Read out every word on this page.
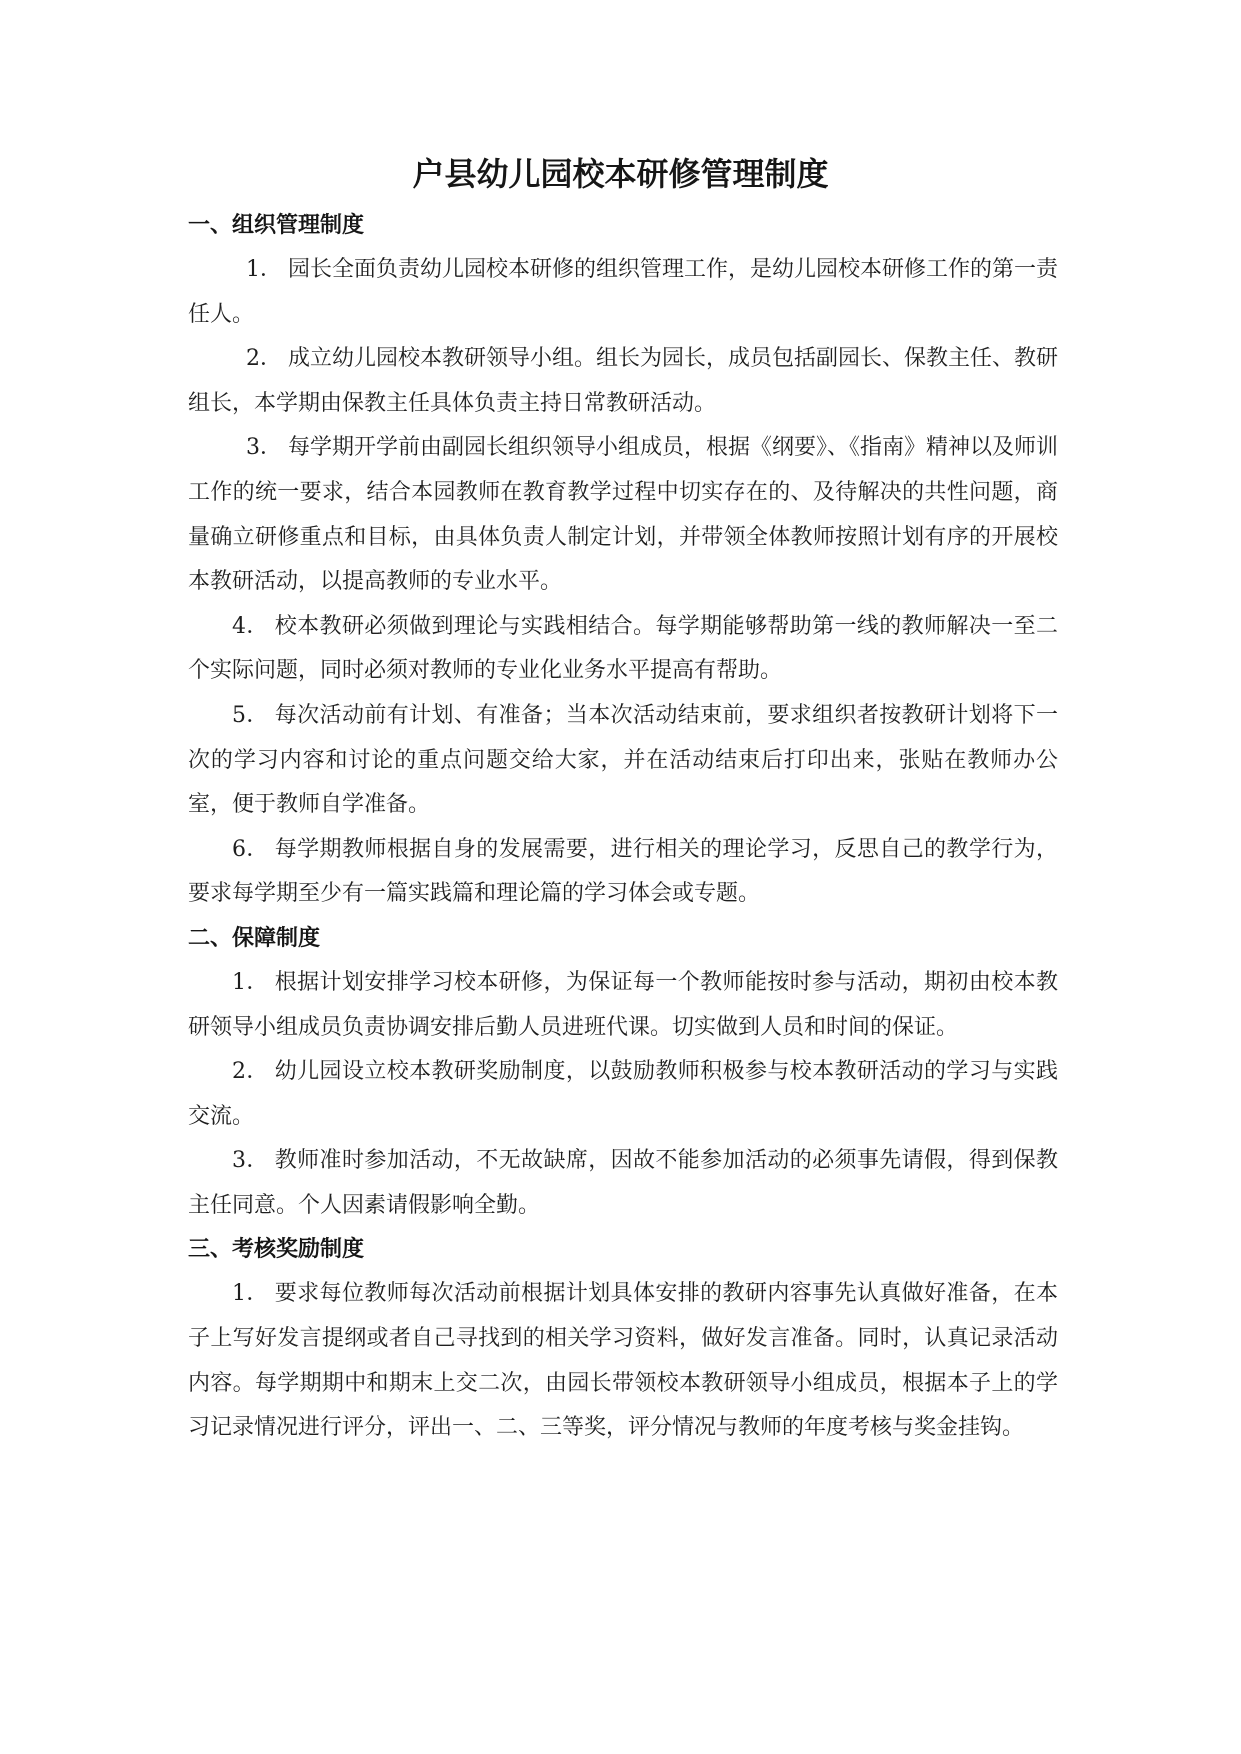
户县幼儿园校本研修管理制度
一、组织管理制度

1． 园长全面负责幼儿园校本研修的组织管理工作，是幼儿园校本研修工作的第一责任人。

2． 成立幼儿园校本教研领导小组。组长为园长，成员包括副园长、保教主任、教研组长，本学期由保教主任具体负责主持日常教研活动。

3． 每学期开学前由副园长组织领导小组成员，根据《纲要》、《指南》精神以及师训工作的统一要求，结合本园教师在教育教学过程中切实存在的、及待解决的共性问题，商量确立研修重点和目标，由具体负责人制定计划，并带领全体教师按照计划有序的开展校本教研活动，以提高教师的专业水平。

4． 校本教研必须做到理论与实践相结合。每学期能够帮助第一线的教师解决一至二个实际问题，同时必须对教师的专业化业务水平提高有帮助。

5． 每次活动前有计划、有准备；当本次活动结束前，要求组织者按教研计划将下一次的学习内容和讨论的重点问题交给大家，并在活动结束后打印出来，张贴在教师办公室，便于教师自学准备。

6． 每学期教师根据自身的发展需要，进行相关的理论学习，反思自己的教学行为，要求每学期至少有一篇实践篇和理论篇的学习体会或专题。

二、保障制度

1． 根据计划安排学习校本研修，为保证每一个教师能按时参与活动，期初由校本教研领导小组成员负责协调安排后勤人员进班代课。切实做到人员和时间的保证。

2． 幼儿园设立校本教研奖励制度，以鼓励教师积极参与校本教研活动的学习与实践交流。

3． 教师准时参加活动，不无故缺席，因故不能参加活动的必须事先请假，得到保教主任同意。个人因素请假影响全勤。

三、考核奖励制度

1． 要求每位教师每次活动前根据计划具体安排的教研内容事先认真做好准备，在本子上写好发言提纲或者自己寻找到的相关学习资料，做好发言准备。同时，认真记录活动内容。每学期期中和期末上交二次，由园长带领校本教研领导小组成员，根据本子上的学习记录情况进行评分，评出一、二、三等奖，评分情况与教师的年度考核与奖金挂钩。
